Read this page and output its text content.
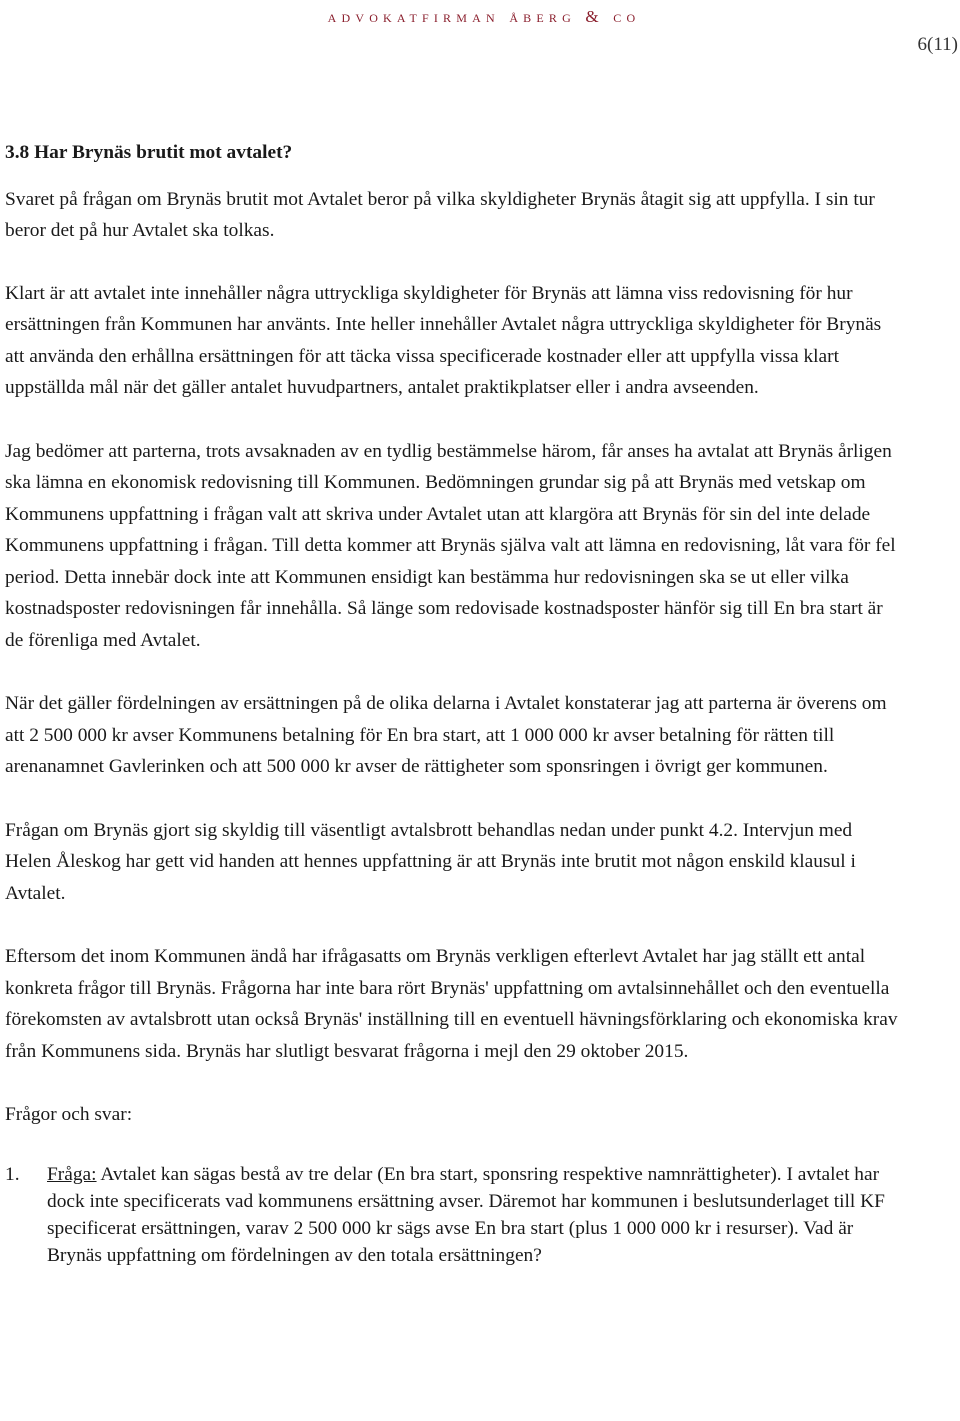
advokatfirman åberg & co
6(11)
3.8 Har Brynäs brutit mot avtalet?

Svaret på frågan om Brynäs brutit mot Avtalet beror på vilka skyldigheter Brynäs åtagit sig att uppfylla. I sin tur beror det på hur Avtalet ska tolkas.

Klart är att avtalet inte innehåller några uttryckliga skyldigheter för Brynäs att lämna viss redovisning för hur ersättningen från Kommunen har använts. Inte heller innehåller Avtalet några uttryckliga skyldigheter för Brynäs att använda den erhållna ersättningen för att täcka vissa specificerade kostnader eller att uppfylla vissa klart uppställda mål när det gäller antalet huvudpartners, antalet praktikplatser eller i andra avseenden.

Jag bedömer att parterna, trots avsaknaden av en tydlig bestämmelse härom, får anses ha avtalat att Brynäs årligen ska lämna en ekonomisk redovisning till Kommunen. Bedömningen grundar sig på att Brynäs med vetskap om Kommunens uppfattning i frågan valt att skriva under Avtalet utan att klargöra att Brynäs för sin del inte delade Kommunens uppfattning i frågan. Till detta kommer att Brynäs själva valt att lämna en redovisning, låt vara för fel period. Detta innebär dock inte att Kommunen ensidigt kan bestämma hur redovisningen ska se ut eller vilka kostnadsposter redovisningen får innehålla. Så länge som redovisade kostnadsposter hänför sig till En bra start är de förenliga med Avtalet.

När det gäller fördelningen av ersättningen på de olika delarna i Avtalet konstaterar jag att parterna är överens om att 2 500 000 kr avser Kommunens betalning för En bra start, att 1 000 000 kr avser betalning för rätten till arenanamnet Gavlerinken och att 500 000 kr avser de rättigheter som sponsringen i övrigt ger kommunen.

Frågan om Brynäs gjort sig skyldig till väsentligt avtalsbrott behandlas nedan under punkt 4.2. Intervjun med Helen Åleskog har gett vid handen att hennes uppfattning är att Brynäs inte brutit mot någon enskild klausul i Avtalet.

Eftersom det inom Kommunen ändå har ifrågasatts om Brynäs verkligen efterlevt Avtalet har jag ställt ett antal konkreta frågor till Brynäs. Frågorna har inte bara rört Brynäs' uppfattning om avtalsinnehållet och den eventuella förekomsten av avtalsbrott utan också Brynäs' inställning till en eventuell hävningsförklaring och ekonomiska krav från Kommunens sida. Brynäs har slutligt besvarat frågorna i mejl den 29 oktober 2015.

Frågor och svar:

1. Fråga: Avtalet kan sägas bestå av tre delar (En bra start, sponsring respektive namnrättigheter). I avtalet har dock inte specificerats vad kommunens ersättning avser. Däremot har kommunen i beslutsunderlaget till KF specificerat ersättningen, varav 2 500 000 kr sägs avse En bra start (plus 1 000 000 kr i resurser). Vad är Brynäs uppfattning om fördelningen av den totala ersättningen?
